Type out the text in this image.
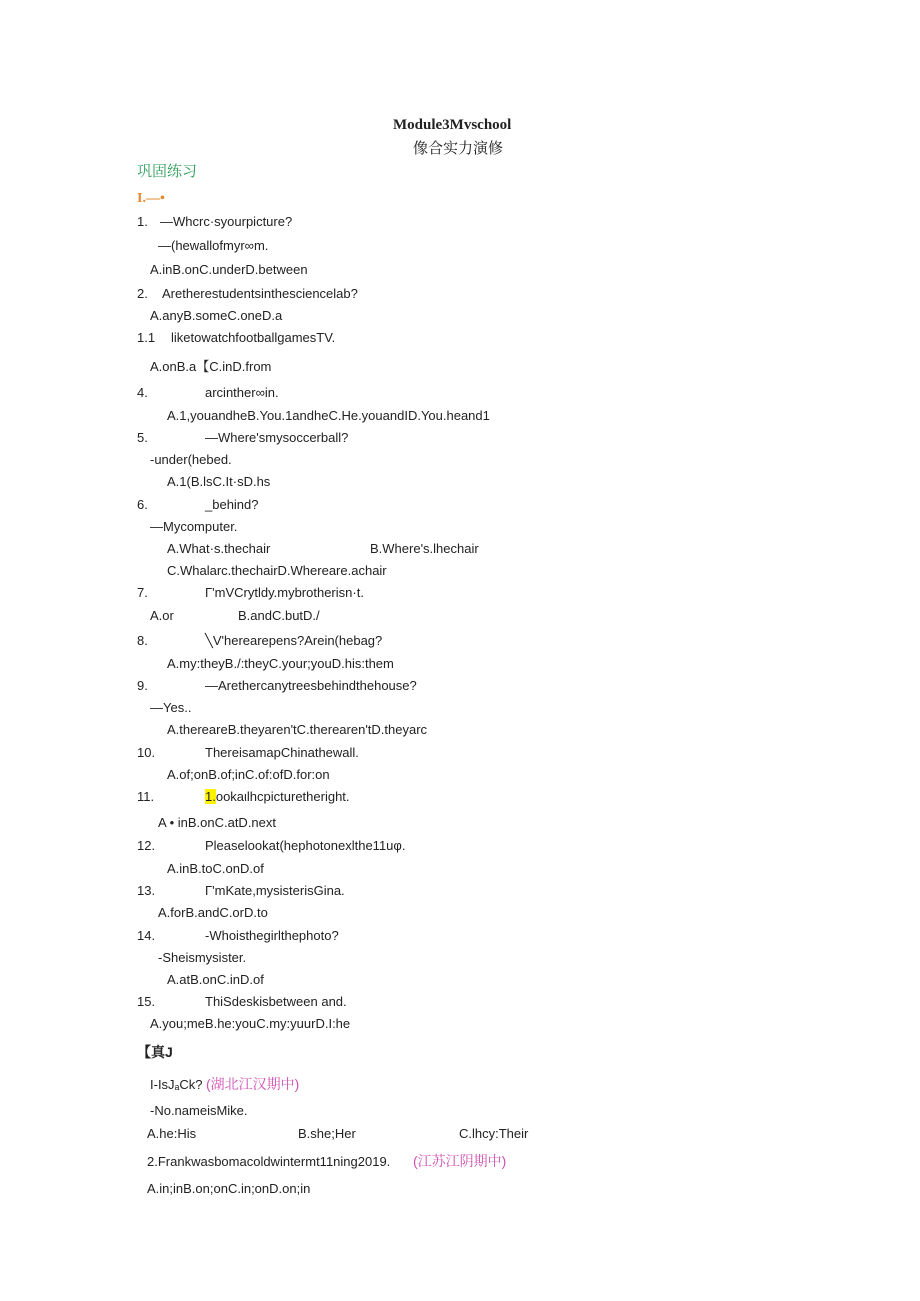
Module3Mvschool
像合实力演修
巩固练习
I.—•
1. —Whcrc·syourpicture?
—(hewallofmyr∞m.
A.inB.onC.underD.between
2. Aretherestudentsinthesciencelab?
A.anyB.someC.oneD.a
1.1 liketowatchfootballgamesTV.
A.onB.a【C.inD.from
4.	arcinther∞in.
A.1,youandheB.You.1andheC.He.youandID.You.heand1
5.	—Where'smysoccerball?
-under(hebed.
A.1(B.lsC.It·sD.hs
6.	_behind?
—Mycomputer.
A.What·s.thechair	B.Where's.lhechair
C.Whalarc.thechairD.Whereare.achair
7.	Γ'mVCrytldy.mybrotherisn·t.
A.or	B.andC.butD./
8.	╲V'herearepens?Arein(hebag?
A.my:theyB./:theyC.your;youD.his:them
9.	—Arethercanytreesbehindthehouse?
—Yes..
A.thereareB.theyaren'tC.therearen'tD.theyarc
10.	ThereisamapChinathewall.
A.of;onB.of;inC.of:ofD.for:on
11.	1.ookaιlhcpicturetheright.
A • inB.onC.atD.next
12.	Pleaselookat(hephotonexlthe11uφ.
A.inB.toC.onD.of
13.	Γ'mKate,mysisterisGina.
A.forB.andC.orD.to
14.	-Whoisthegirlthephoto?
-Sheismysister.
A.atB.onC.inD.of
15.	ThiSdeskisbetween and.
A.you;meB.he:youC.my:yuurD.I:he
【真J
I-IsJₐCk? (湖北江汉期中)
-No.nameisMike.
A.he:His	B.she;Her	C.lhcy:Their
2.Frankwasbomacoldwintermt11ning2019. (江苏江阴期中)
A.in;inB.on;onC.in;onD.on;in
